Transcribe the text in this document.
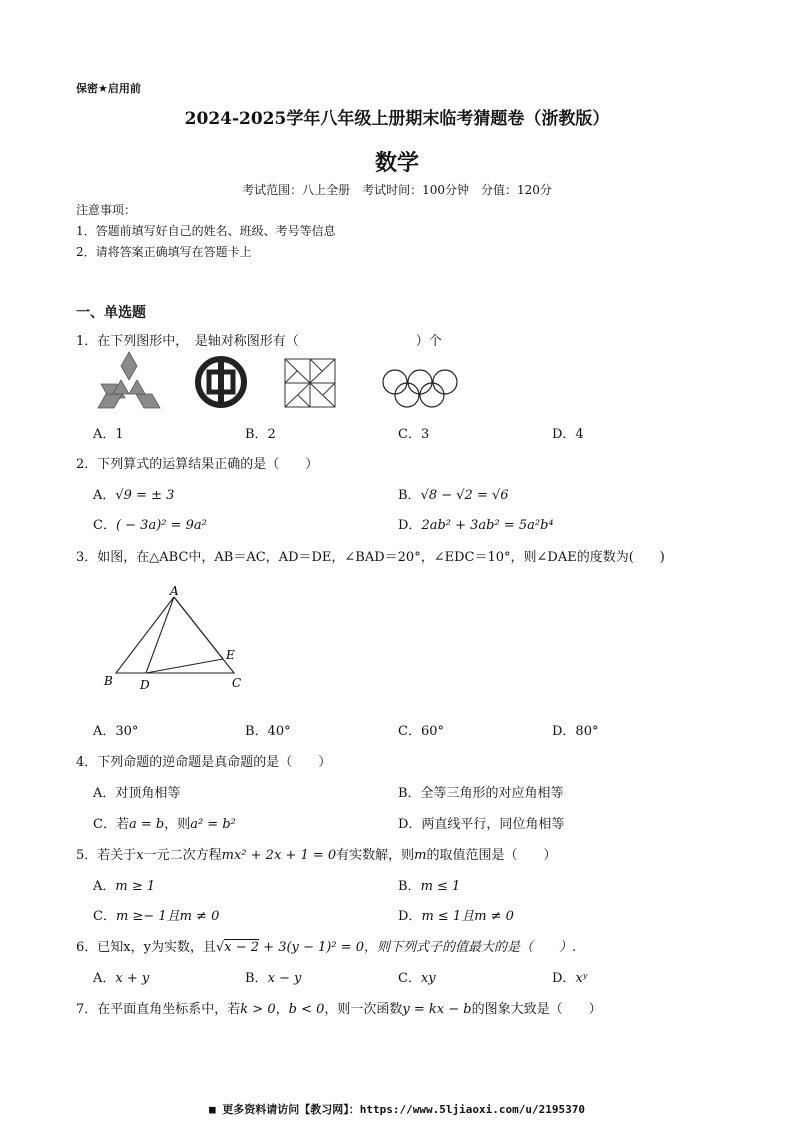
保密★启用前
2024-2025学年八年级上册期末临考猜题卷（浙教版）
数学
考试范围：八上全册　考试时间：100分钟　分值：120分
注意事项：
1．答题前填写好自己的姓名、班级、考号等信息
2．请将答案正确填写在答题卡上
一、单选题
1．在下列图形中，　是轴对称图形有（　　　　　　　　　）个
A．1	B．2	C．3	D．4
2．下列算式的运算结果正确的是（　　）
A．√9 = ± 3	B．√8 − √2 = √6
C．( − 3a)² = 9a²	D．2ab² + 3ab² = 5a²b⁴
3．如图，在△ABC中，AB＝AC，AD＝DE，∠BAD＝20°，∠EDC＝10°，则∠DAE的度数为(　　)
A
B D	C
E
A．30°	B．40°	C．60°	D．80°
4．下列命题的逆命题是真命题的是（　　）
A．对顶角相等	B．全等三角形的对应角相等
C．若a = b，则a² = b²	D．两直线平行，同位角相等
5．若关于x一元二次方程mx² + 2x + 1 = 0有实数解，则m的取值范围是（　　）
A．m ≥ 1	B．m ≤ 1
C．m ≥− 1且m ≠ 0	D．m ≤ 1且m ≠ 0
6．已知x，y为实数，且√x − 2 + 3(y − 1)² = 0，则下列式子的值最大的是（　　）.
A．x + y	B．x − y	C．xy	D．xʸ
7．在平面直角坐标系中，若k > 0，b < 0，则一次函数y = kx − b的图象大致是（　　）
■ 更多资料请访问【教习网】：https://www.5ljiaoxi.com/u/2195370
